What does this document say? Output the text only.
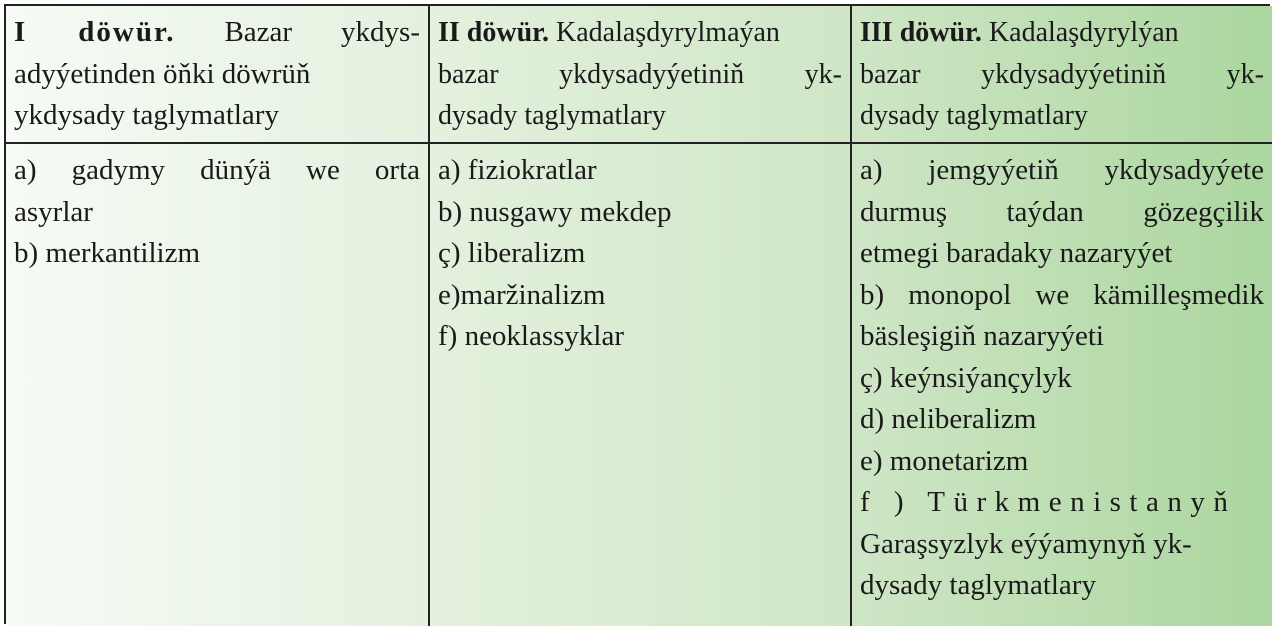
I döwür. Bazar ykdys-
adyýetinden öňki döwrüň
ykdysady taglymatlary
II döwür. Kadalaşdyrylmaýan
bazar ykdysadyýetiniň yk-
dysady taglymatlary
III döwür. Kadalaşdyrylýan
bazar ykdysadyýetiniň yk-
dysady taglymatlary
a) gadymy dünýä we orta
asyrlar
b) merkantilizm
a) fiziokratlar
b) nusgawy mekdep
ç) liberalizm
e)maržinalizm
f) neoklassyklar
a) jemgyýetiň ykdysadyýete
durmuş taýdan gözegçilik
etmegi baradaky nazaryýet
b) monopol we kämilleşmedik
bäsleşigiň nazaryýeti
ç) keýnsiýançylyk
d) neliberalizm
e) monetarizm
f ) Türkmenistanyň
Garaşsyzlyk eýýamynyň yk-
dysady taglymatlary
